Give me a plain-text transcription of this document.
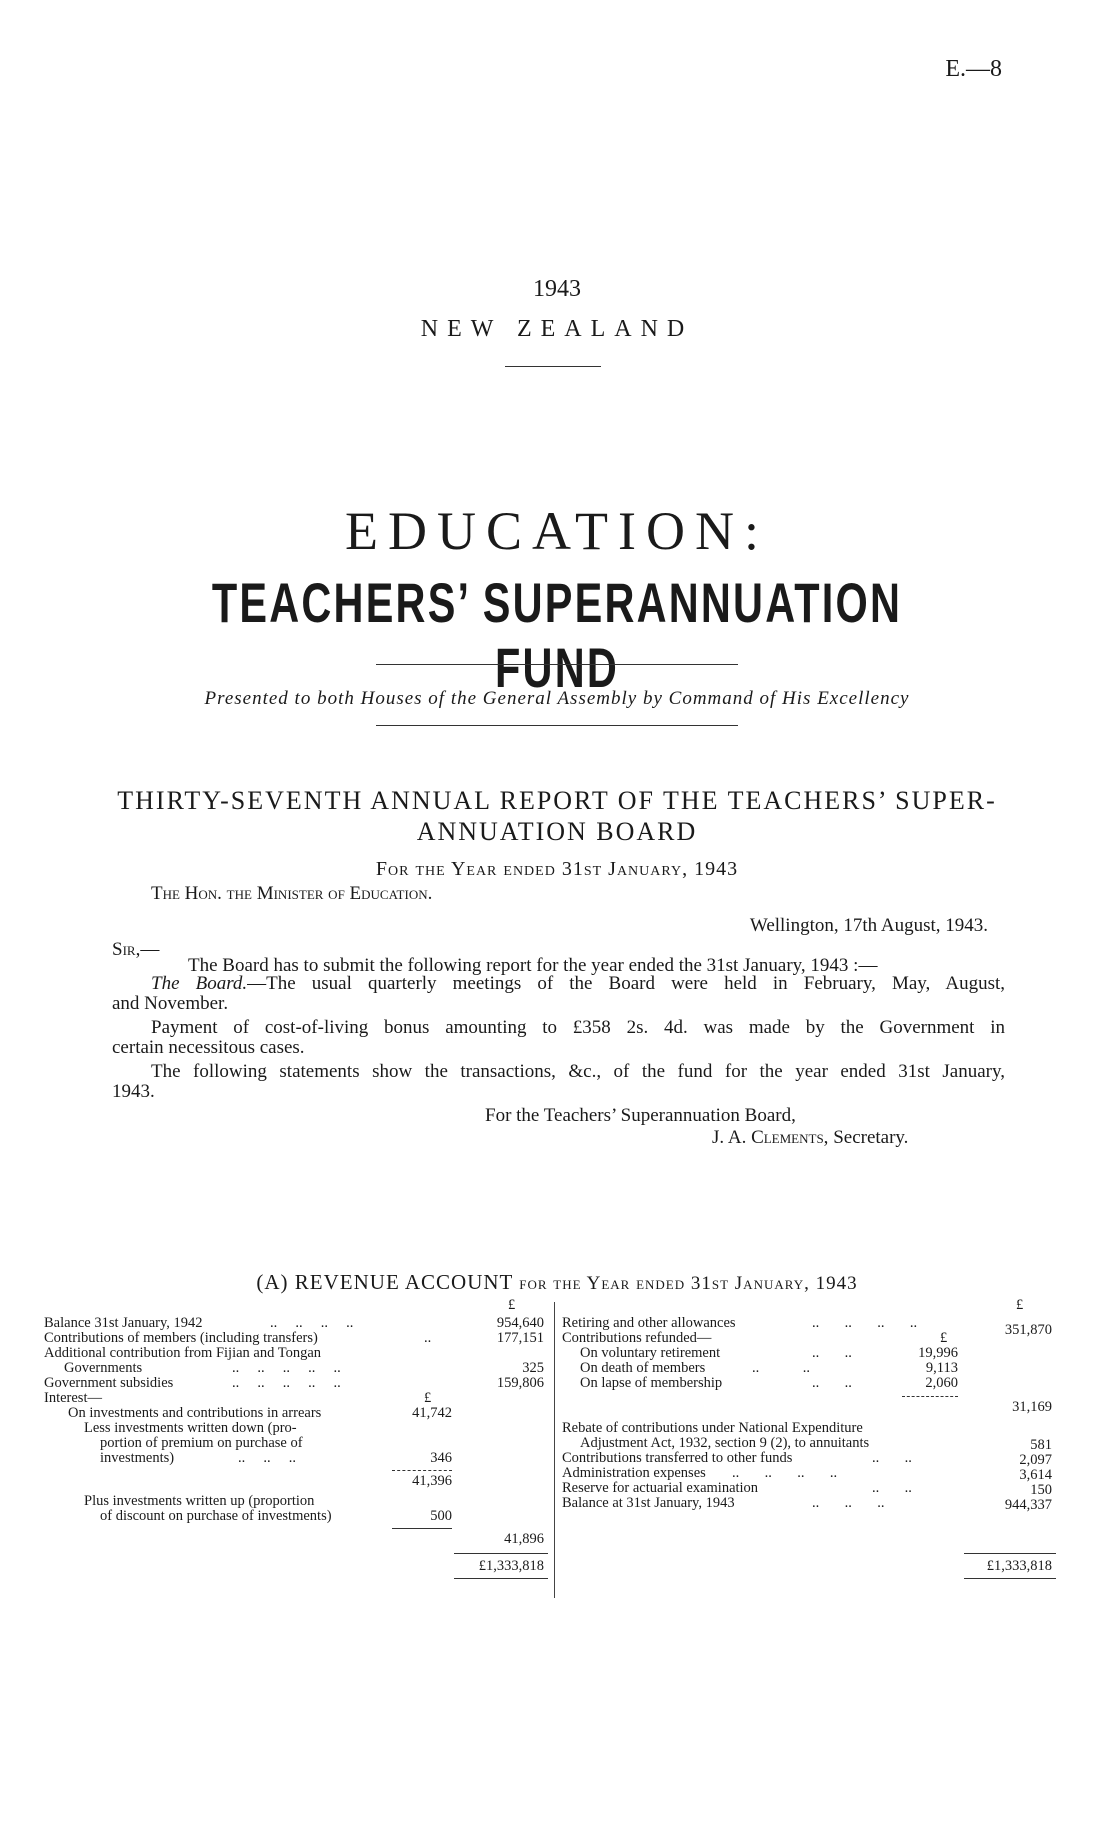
E.—8
1943
NEW ZEALAND
EDUCATION:
TEACHERS’ SUPERANNUATION FUND
Presented to both Houses of the General Assembly by Command of His Excellency
THIRTY-SEVENTH ANNUAL REPORT OF THE TEACHERS’ SUPER-
ANNUATION BOARD
For the Year ended 31st January, 1943
The Hon. the Minister of Education.
Wellington, 17th August, 1943.
Sir,—
The Board has to submit the following report for the year ended the 31st January, 1943 :—
The Board.—The usual quarterly meetings of the Board were held in February, May, August,
and November.
Payment of cost-of-living bonus amounting to £358 2s. 4d. was made by the Government in
certain necessitous cases.
The following statements show the transactions, &c., of the fund for the year ended 31st January,
1943.
For the Teachers’ Superannuation Board,
J. A. Clements, Secretary.
(A) REVENUE ACCOUNT for the Year ended 31st January, 1943
£
Balance 31st January, 1942	..     ..     ..     ..	954,640
Contributions of members (including transfers)	..	177,151
Additional contribution from Fijian and Tongan
Governments	..     ..     ..     ..     ..	325
Government subsidies	..     ..     ..     ..     ..	159,806
Interest—	£
On investments and contributions in arrears	41,742
Less investments written down (pro-
portion of premium on purchase of
investments)	..     ..     ..	346
41,396
Plus investments written up (proportion
of discount on purchase of investments)	500
41,896
£1,333,818
£
Retiring and other allowances	..       ..       ..       ..	351,870
Contributions refunded—	£
On voluntary retirement	..       ..	19,996
On death of members	..            ..	9,113
On lapse of membership	..       ..	2,060
31,169
Rebate of contributions under National Expenditure
Adjustment Act, 1932, section 9 (2), to annuitants	581
Contributions transferred to other funds	..       ..	2,097
Administration expenses ..       ..       ..       ..	3,614
Reserve for actuarial examination	..       ..	150
Balance at 31st January, 1943	..       ..       ..	944,337
£1,333,818
